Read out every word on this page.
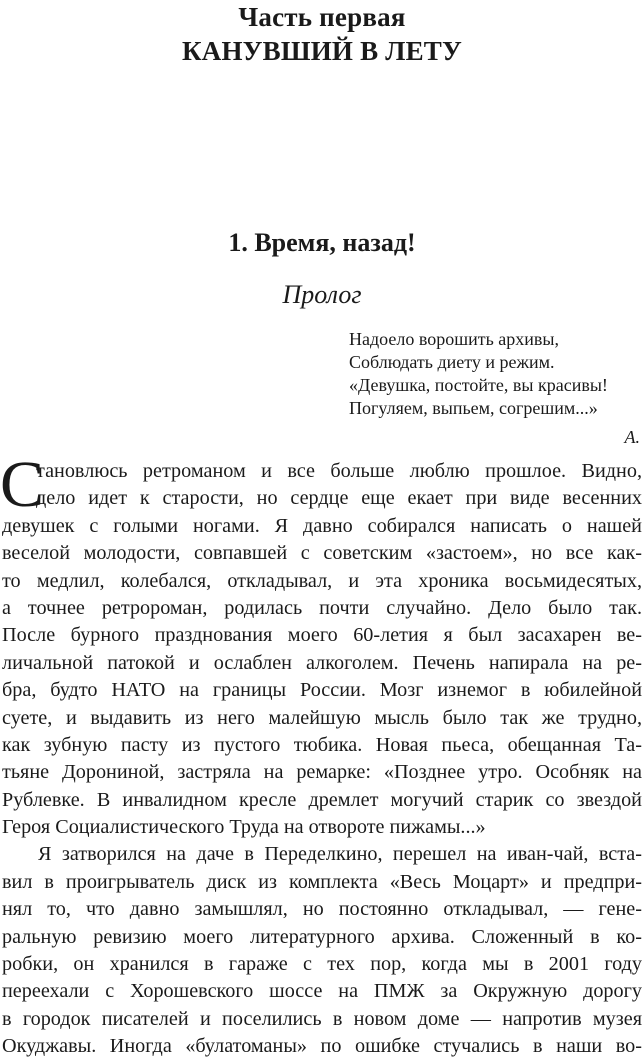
Часть первая
КАНУВШИЙ В ЛЕТУ
1. Время, назад!
Пролог
Надоело ворошить архивы,
Соблюдать диету и режим.
«Девушка, постойте, вы красивы!
Погуляем, выпьем, согрешим...»
А.
С
тановлюсь ретроманом и все больше люблю прошлое. Видно,
дело идет к старости, но сердце еще екает при виде весенних
девушек с голыми ногами. Я давно собирался написать о нашей
веселой молодости, совпавшей с советским «застоем», но все как-
то медлил, колебался, откладывал, и эта хроника восьмидесятых,
а точнее ретророман, родилась почти случайно. Дело было так.
После бурного празднования моего 60-летия я был засахарен ве-
личальной патокой и ослаблен алкоголем. Печень напирала на ре-
бра, будто НАТО на границы России. Мозг изнемог в юбилейной
суете, и выдавить из него малейшую мысль было так же трудно,
как зубную пасту из пустого тюбика. Новая пьеса, обещанная Та-
тьяне Дорониной, застряла на ремарке: «Позднее утро. Особняк на
Рублевке. В инвалидном кресле дремлет могучий старик со звездой
Героя Социалистического Труда на отвороте пижамы...»
Я затворился на даче в Переделкино, перешел на иван-чай, вста-
вил в проигрыватель диск из комплекта «Весь Моцарт» и предпри-
нял то, что давно замышлял, но постоянно откладывал, — гене-
ральную ревизию моего литературного архива. Сложенный в ко-
робки, он хранился в гараже с тех пор, когда мы в 2001 году
переехали с Хорошевского шоссе на ПМЖ за Окружную дорогу
в городок писателей и поселились в новом доме — напротив музея
Окуджавы. Иногда «булатоманы» по ошибке стучались в наши во-
